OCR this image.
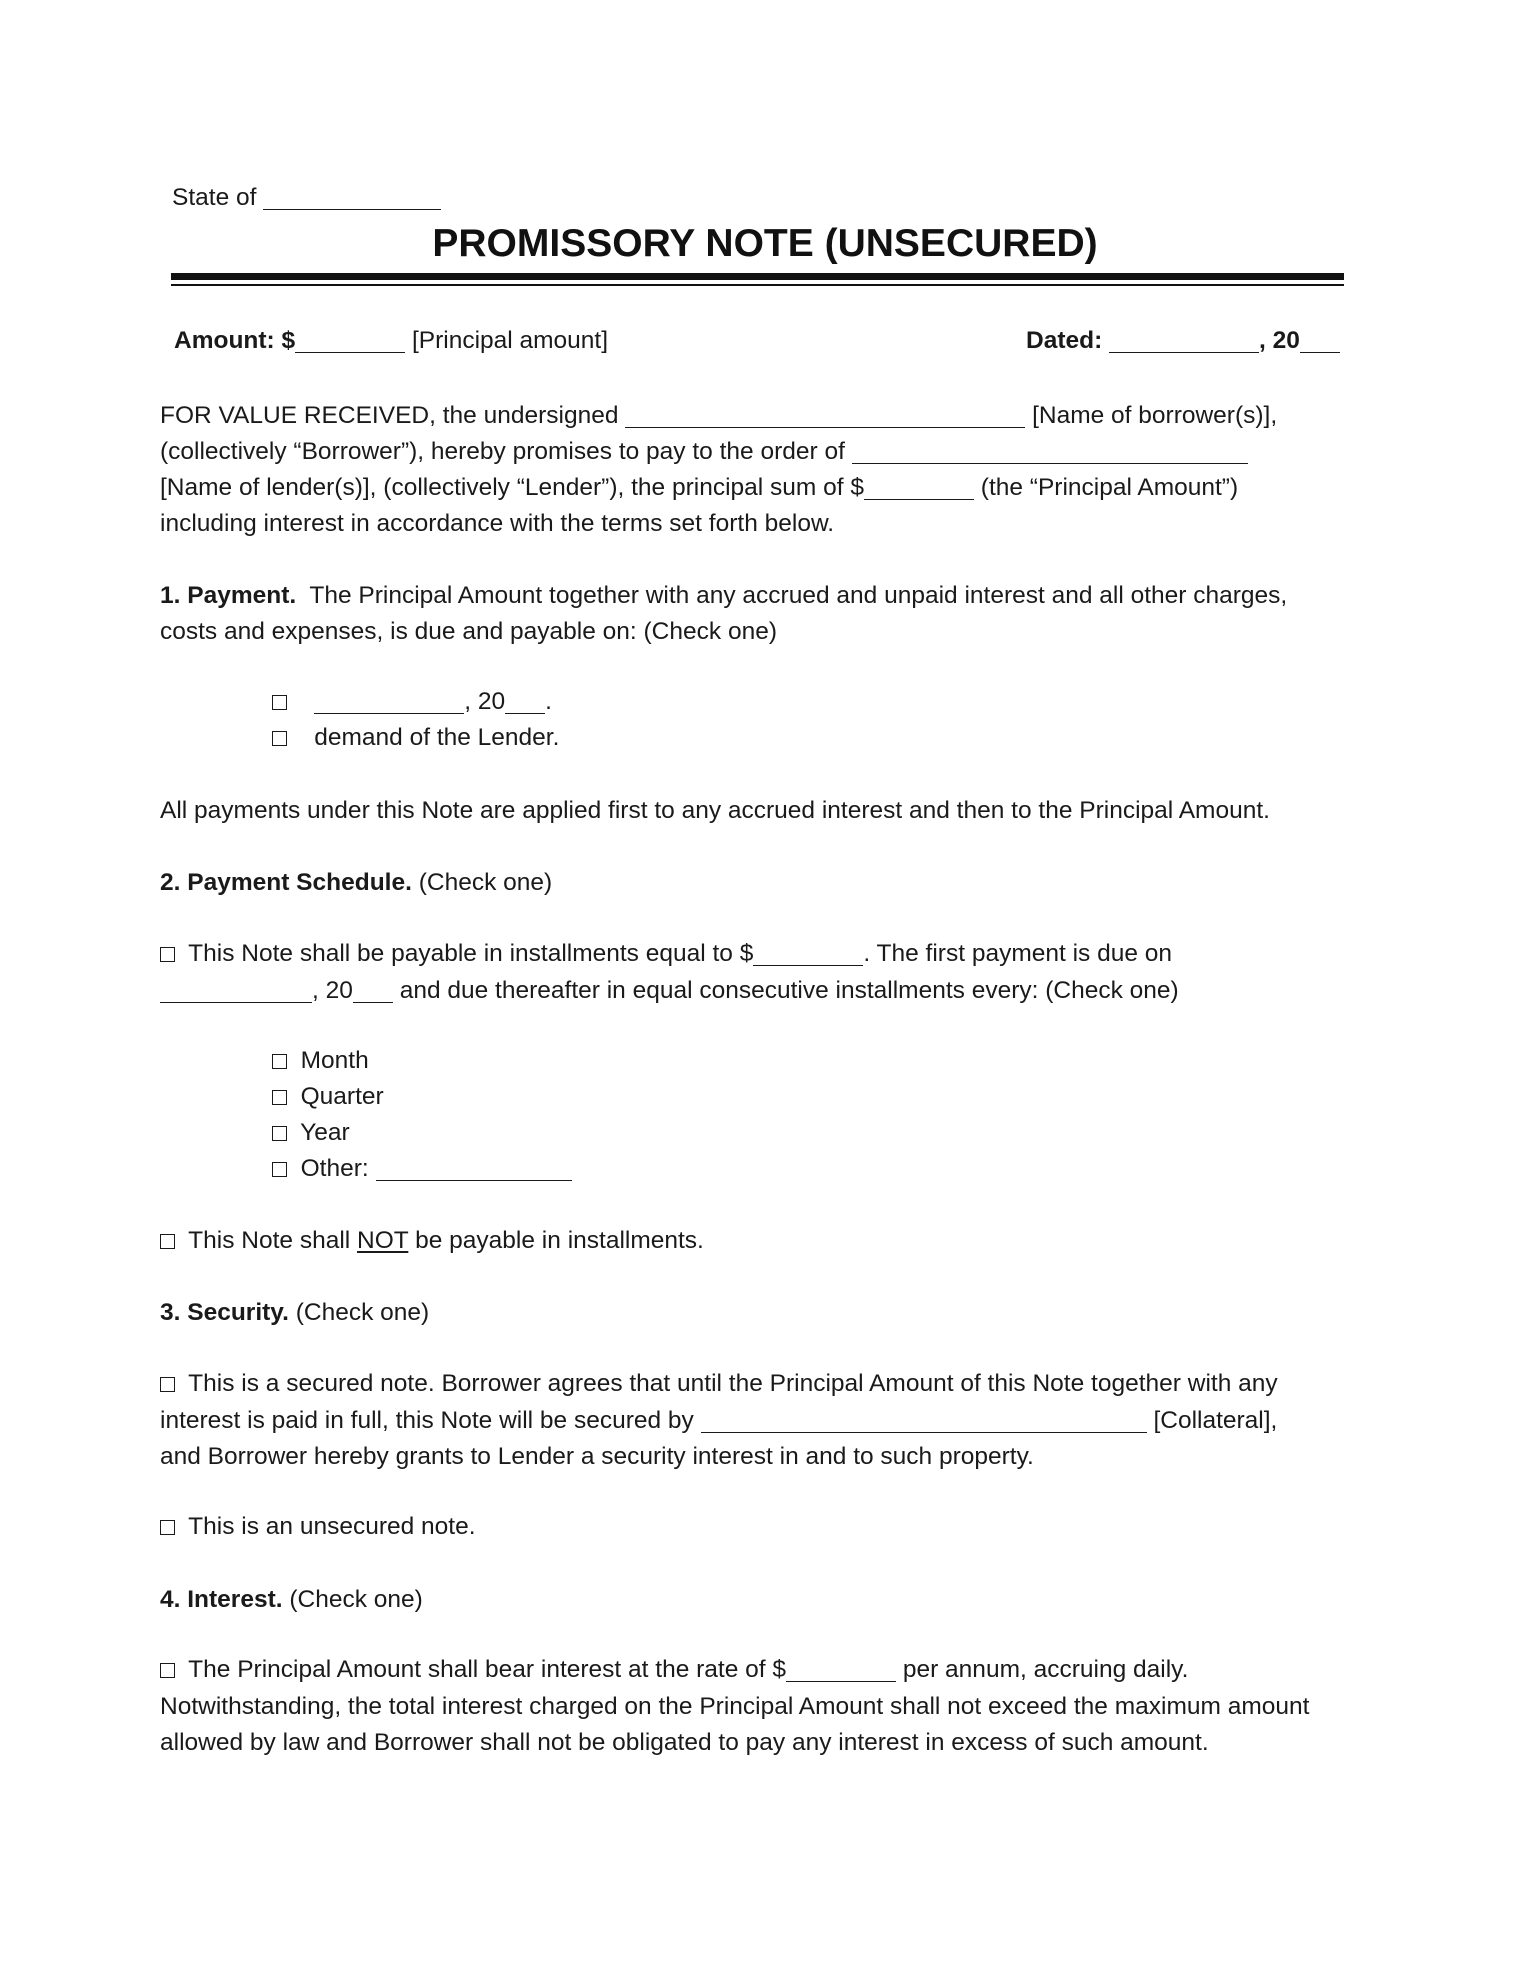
State of
PROMISSORY NOTE (UNSECURED)
Amount: $	[Principal amount]	Dated:	, 20
FOR VALUE RECEIVED, the undersigned	[Name of borrower(s)],
(collectively “Borrower”), hereby promises to pay to the order of
[Name of lender(s)], (collectively “Lender”), the principal sum of $	(the “Principal Amount”)
including interest in accordance with the terms set forth below.
1. Payment. The Principal Amount together with any accrued and unpaid interest and all other charges,
costs and expenses, is due and payable on: (Check one)
, 20 .
demand of the Lender.
All payments under this Note are applied first to any accrued interest and then to the Principal Amount.
2. Payment Schedule. (Check one)
This Note shall be payable in installments equal to $	. The first payment is due on
, 20 and due thereafter in equal consecutive installments every: (Check one)
Month
Quarter
Year
Other:
This Note shall NOT be payable in installments.
3. Security. (Check one)
This is a secured note. Borrower agrees that until the Principal Amount of this Note together with any
interest is paid in full, this Note will be secured by	[Collateral],
and Borrower hereby grants to Lender a security interest in and to such property.
This is an unsecured note.
4. Interest. (Check one)
The Principal Amount shall bear interest at the rate of $	per annum, accruing daily.
Notwithstanding, the total interest charged on the Principal Amount shall not exceed the maximum amount
allowed by law and Borrower shall not be obligated to pay any interest in excess of such amount.
